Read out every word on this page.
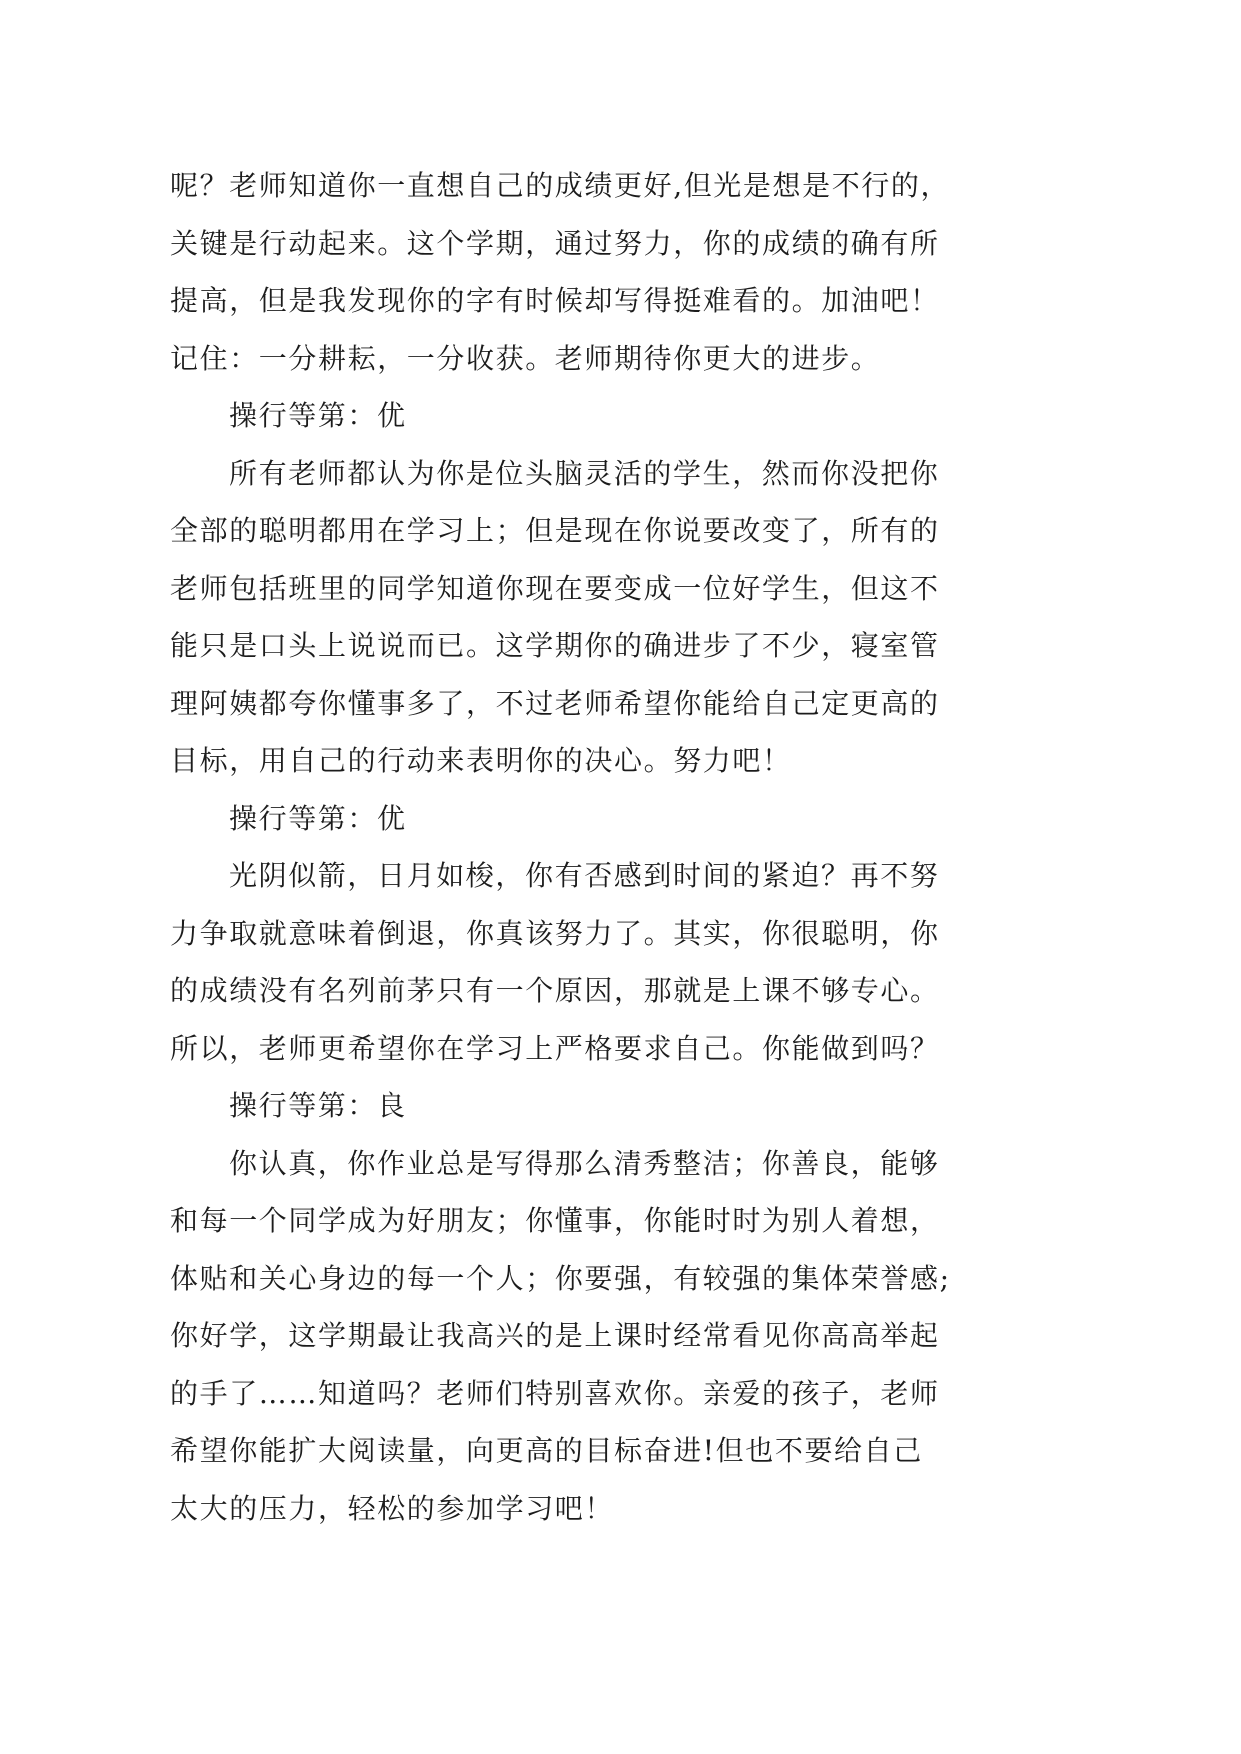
呢？老师知道你一直想自己的成绩更好,但光是想是不行的，
关键是行动起来。这个学期，通过努力，你的成绩的确有所
提高，但是我发现你的字有时候却写得挺难看的。加油吧！
记住：一分耕耘，一分收获。老师期待你更大的进步。
操行等第：优
所有老师都认为你是位头脑灵活的学生，然而你没把你
全部的聪明都用在学习上；但是现在你说要改变了，所有的
老师包括班里的同学知道你现在要变成一位好学生，但这不
能只是口头上说说而已。这学期你的确进步了不少，寝室管
理阿姨都夸你懂事多了，不过老师希望你能给自己定更高的
目标，用自己的行动来表明你的决心。努力吧！
操行等第：优
光阴似箭，日月如梭，你有否感到时间的紧迫？再不努
力争取就意味着倒退，你真该努力了。其实，你很聪明，你
的成绩没有名列前茅只有一个原因，那就是上课不够专心。
所以，老师更希望你在学习上严格要求自己。你能做到吗？
操行等第：良
你认真，你作业总是写得那么清秀整洁；你善良，能够
和每一个同学成为好朋友；你懂事，你能时时为别人着想，
体贴和关心身边的每一个人；你要强，有较强的集体荣誉感;
你好学，这学期最让我高兴的是上课时经常看见你高高举起
的手了……知道吗？老师们特别喜欢你。亲爱的孩子，老师
希望你能扩大阅读量，向更高的目标奋进!但也不要给自己
太大的压力，轻松的参加学习吧！
